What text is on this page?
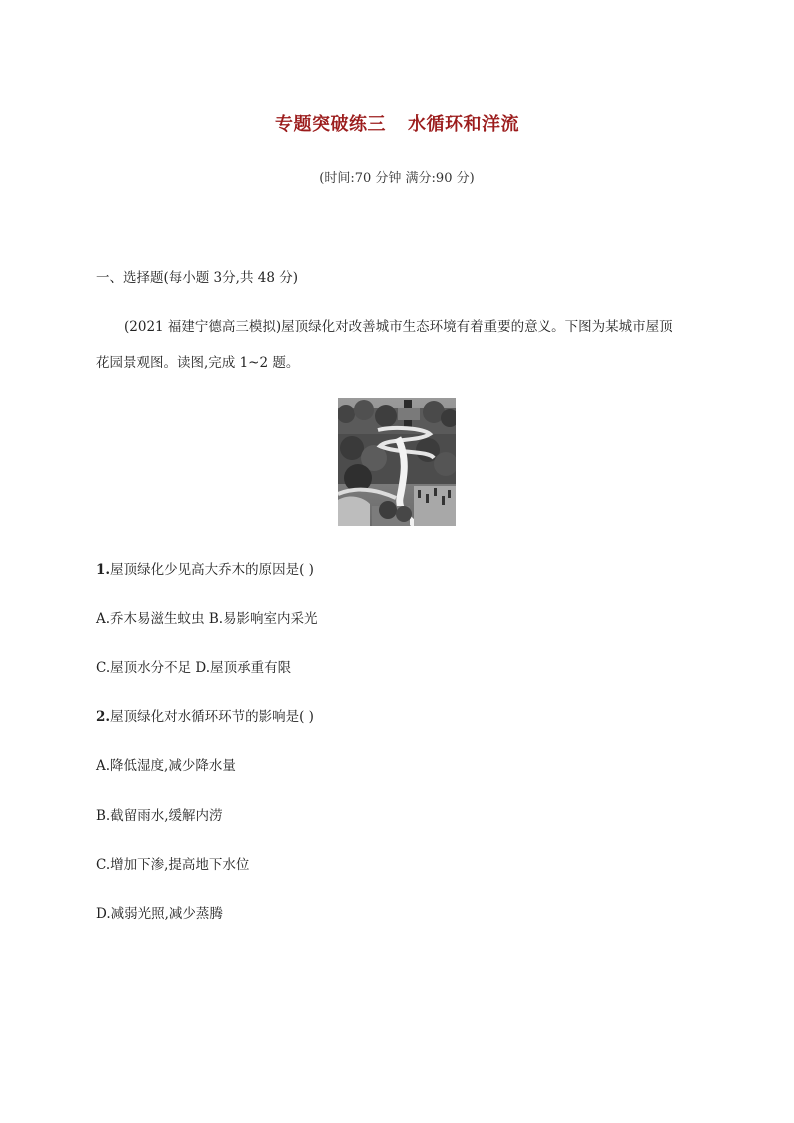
专题突破练三 水循环和洋流
(时间:70 分钟 满分:90 分)
一、选择题(每小题 3分,共 48 分)
(2021 福建宁德高三模拟)屋顶绿化对改善城市生态环境有着重要的意义。下图为某城市屋顶
花园景观图。读图,完成 1~2 题。
1.屋顶绿化少见高大乔木的原因是( )
A.乔木易滋生蚊虫 B.易影响室内采光
C.屋顶水分不足 D.屋顶承重有限
2.屋顶绿化对水循环环节的影响是( )
A.降低湿度,减少降水量
B.截留雨水,缓解内涝
C.增加下渗,提高地下水位
D.减弱光照,减少蒸腾
